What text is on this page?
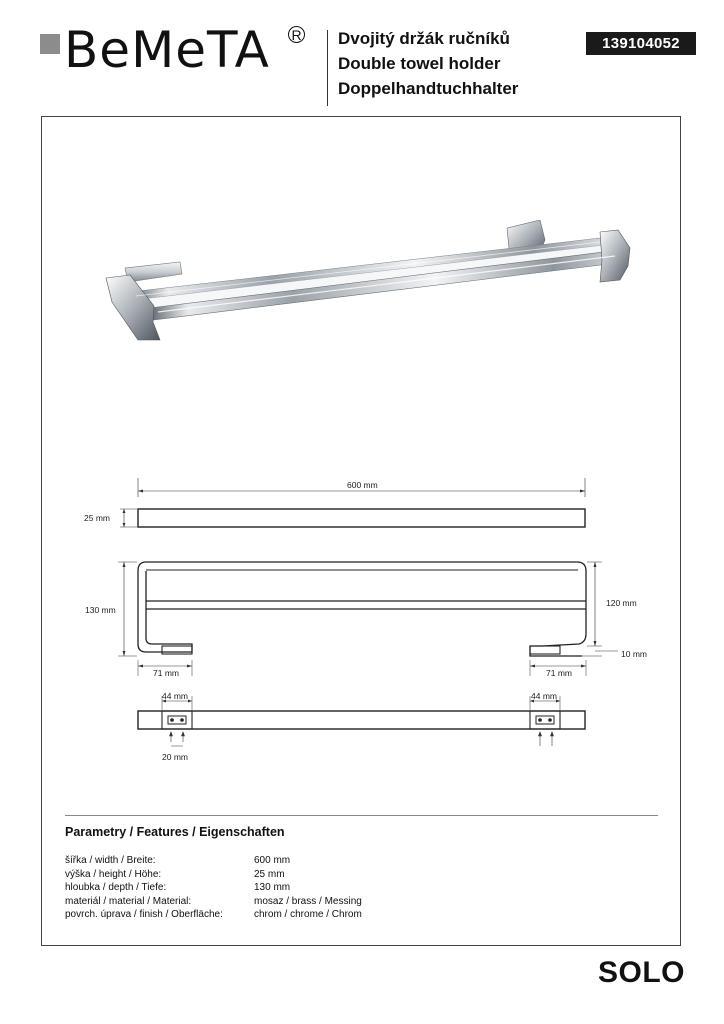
BeMeTA R Dvojitý držák ručníků
Double towel holder
Doppelhandtuchhalter
139104052
600 mm
25 mm
130 mm
120 mm
10 mm
71 mm	71 mm
44 mm	44 mm
20 mm
Parametry / Features / Eigenschaften
šířka / width / Breite:	600 mm
výška / height / Höhe:	25 mm
hloubka / depth / Tiefe:	130 mm
materiál / material / Material:	mosaz / brass / Messing
povrch. úprava / finish / Oberfläche:	chrom / chrome / Chrom
SOLO
